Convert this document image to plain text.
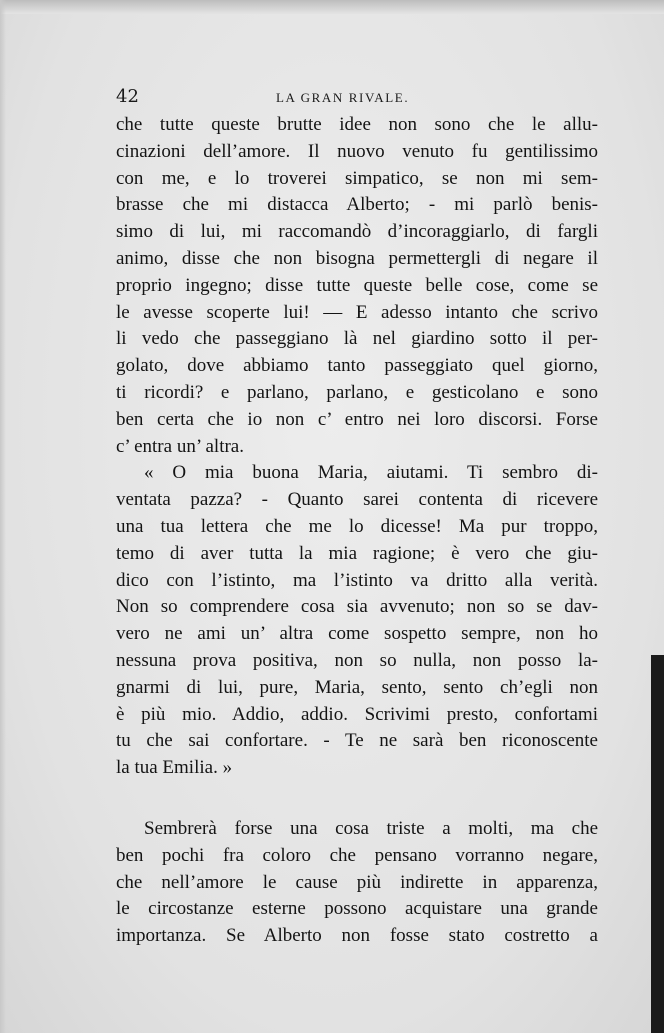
42	LA GRAN RIVALE.
che tutte queste brutte idee non sono che le allu-
cinazioni dell’amore. Il nuovo venuto fu gentilissimo
con me, e lo troverei simpatico, se non mi sem-
brasse che mi distacca Alberto; - mi parlò benis-
simo di lui, mi raccomandò d’incoraggiarlo, di fargli
animo, disse che non bisogna permettergli di negare il
proprio ingegno; disse tutte queste belle cose, come se
le avesse scoperte lui! — E adesso intanto che scrivo
li vedo che passeggiano là nel giardino sotto il per-
golato, dove abbiamo tanto passeggiato quel giorno,
ti ricordi? e parlano, parlano, e gesticolano e sono
ben certa che io non c’ entro nei loro discorsi. Forse
c’ entra un’ altra.
« O mia buona Maria, aiutami. Ti sembro di-
ventata pazza? - Quanto sarei contenta di ricevere
una tua lettera che me lo dicesse! Ma pur troppo,
temo di aver tutta la mia ragione; è vero che giu-
dico con l’istinto, ma l’istinto va dritto alla verità.
Non so comprendere cosa sia avvenuto; non so se dav-
vero ne ami un’ altra come sospetto sempre, non ho
nessuna prova positiva, non so nulla, non posso la-
gnarmi di lui, pure, Maria, sento, sento ch’egli non
è più mio. Addio, addio. Scrivimi presto, confortami
tu che sai confortare. - Te ne sarà ben riconoscente
la tua Emilia. »
Sembrerà forse una cosa triste a molti, ma che
ben pochi fra coloro che pensano vorranno negare,
che nell’amore le cause più indirette in apparenza,
le circostanze esterne possono acquistare una grande
importanza. Se Alberto non fosse stato costretto a
